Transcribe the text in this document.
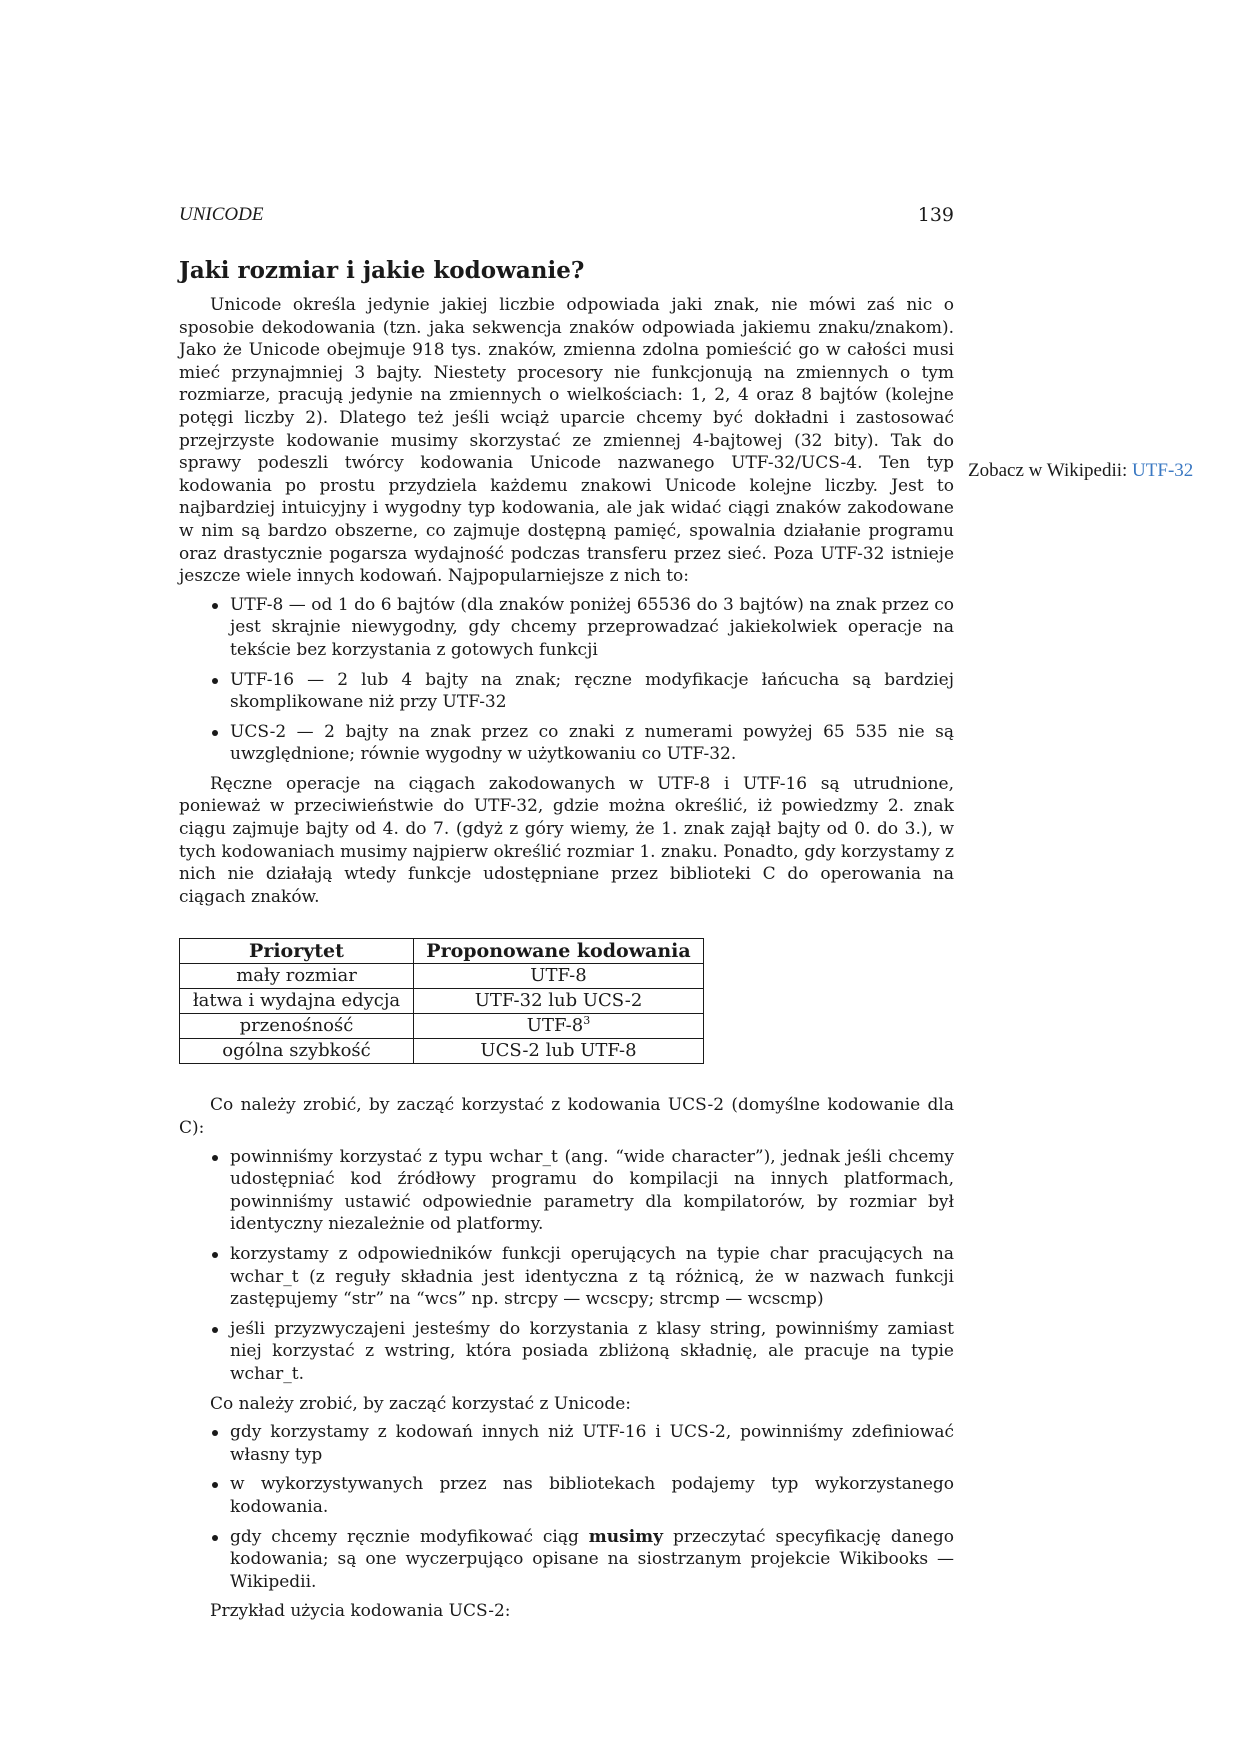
UNICODE	139
Zobacz w Wikipedii: UTF-32
Jaki rozmiar i jakie kodowanie?

Unicode określa jedynie jakiej liczbie odpowiada jaki znak, nie mówi zaś nic o sposobie dekodowania (tzn. jaka sekwencja znaków odpowiada jakiemu znaku/znakom). Jako że Unicode obejmuje 918 tys. znaków, zmienna zdolna pomieścić go w całości musi mieć przynajmniej 3 bajty. Niestety procesory nie funkcjonują na zmiennych o tym rozmiarze, pracują jedynie na zmiennych o wielkościach: 1, 2, 4 oraz 8 bajtów (kolejne potęgi liczby 2). Dlatego też jeśli wciąż uparcie chcemy być dokładni i zastosować przejrzyste kodowanie musimy skorzystać ze zmiennej 4-bajtowej (32 bity). Tak do sprawy podeszli twórcy kodowania Unicode nazwanego UTF-32/UCS-4. Ten typ kodowania po prostu przydziela każdemu znakowi Unicode kolejne liczby. Jest to najbardziej intuicyjny i wygodny typ kodowania, ale jak widać ciągi znaków zakodowane w nim są bardzo obszerne, co zajmuje dostępną pamięć, spowalnia działanie programu oraz drastycznie pogarsza wydajność podczas transferu przez sieć. Poza UTF-32 istnieje jeszcze wiele innych kodowań. Najpopularniejsze z nich to:

UTF-8 — od 1 do 6 bajtów (dla znaków poniżej 65536 do 3 bajtów) na znak przez co jest skrajnie niewygodny, gdy chcemy przeprowadzać jakiekolwiek operacje na tekście bez korzystania z gotowych funkcji
UTF-16 — 2 lub 4 bajty na znak; ręczne modyfikacje łańcucha są bardziej skomplikowane niż przy UTF-32
UCS-2 — 2 bajty na znak przez co znaki z numerami powyżej 65 535 nie są uwzględnione; równie wygodny w użytkowaniu co UTF-32.

Ręczne operacje na ciągach zakodowanych w UTF-8 i UTF-16 są utrudnione, ponieważ w przeciwieństwie do UTF-32, gdzie można określić, iż powiedzmy 2. znak ciągu zajmuje bajty od 4. do 7. (gdyż z góry wiemy, że 1. znak zajął bajty od 0. do 3.), w tych kodowaniach musimy najpierw określić rozmiar 1. znaku. Ponadto, gdy korzystamy z nich nie działają wtedy funkcje udostępniane przez biblioteki C do operowania na ciągach znaków.

Priorytet	Proponowane kodowania
mały rozmiar	UTF-8
łatwa i wydajna edycja	UTF-32 lub UCS-2
przenośność	UTF-$8^3$
ogólna szybkość	UCS-2 lub UTF-8

Co należy zrobić, by zacząć korzystać z kodowania UCS-2 (domyślne kodowanie dla C):

powinniśmy korzystać z typu wchar_t (ang. “wide character”), jednak jeśli chcemy udostępniać kod źródłowy programu do kompilacji na innych platformach, powinniśmy ustawić odpowiednie parametry dla kompilatorów, by rozmiar był identyczny niezależnie od platformy.
korzystamy z odpowiedników funkcji operujących na typie char pracujących na wchar_t (z reguły składnia jest identyczna z tą różnicą, że w nazwach funkcji zastępujemy “str” na “wcs” np. strcpy — wcscpy; strcmp — wcscmp)
jeśli przyzwyczajeni jesteśmy do korzystania z klasy string, powinniśmy zamiast niej korzystać z wstring, która posiada zbliżoną składnię, ale pracuje na typie wchar_t.

Co należy zrobić, by zacząć korzystać z Unicode:

gdy korzystamy z kodowań innych niż UTF-16 i UCS-2, powinniśmy zdefiniować własny typ
w wykorzystywanych przez nas bibliotekach podajemy typ wykorzystanego kodowania.
gdy chcemy ręcznie modyfikować ciąg musimy przeczytać specyfikację danego kodowania; są one wyczerpująco opisane na siostrzanym projekcie Wikibooks — Wikipedii.

Przykład użycia kodowania UCS-2:
